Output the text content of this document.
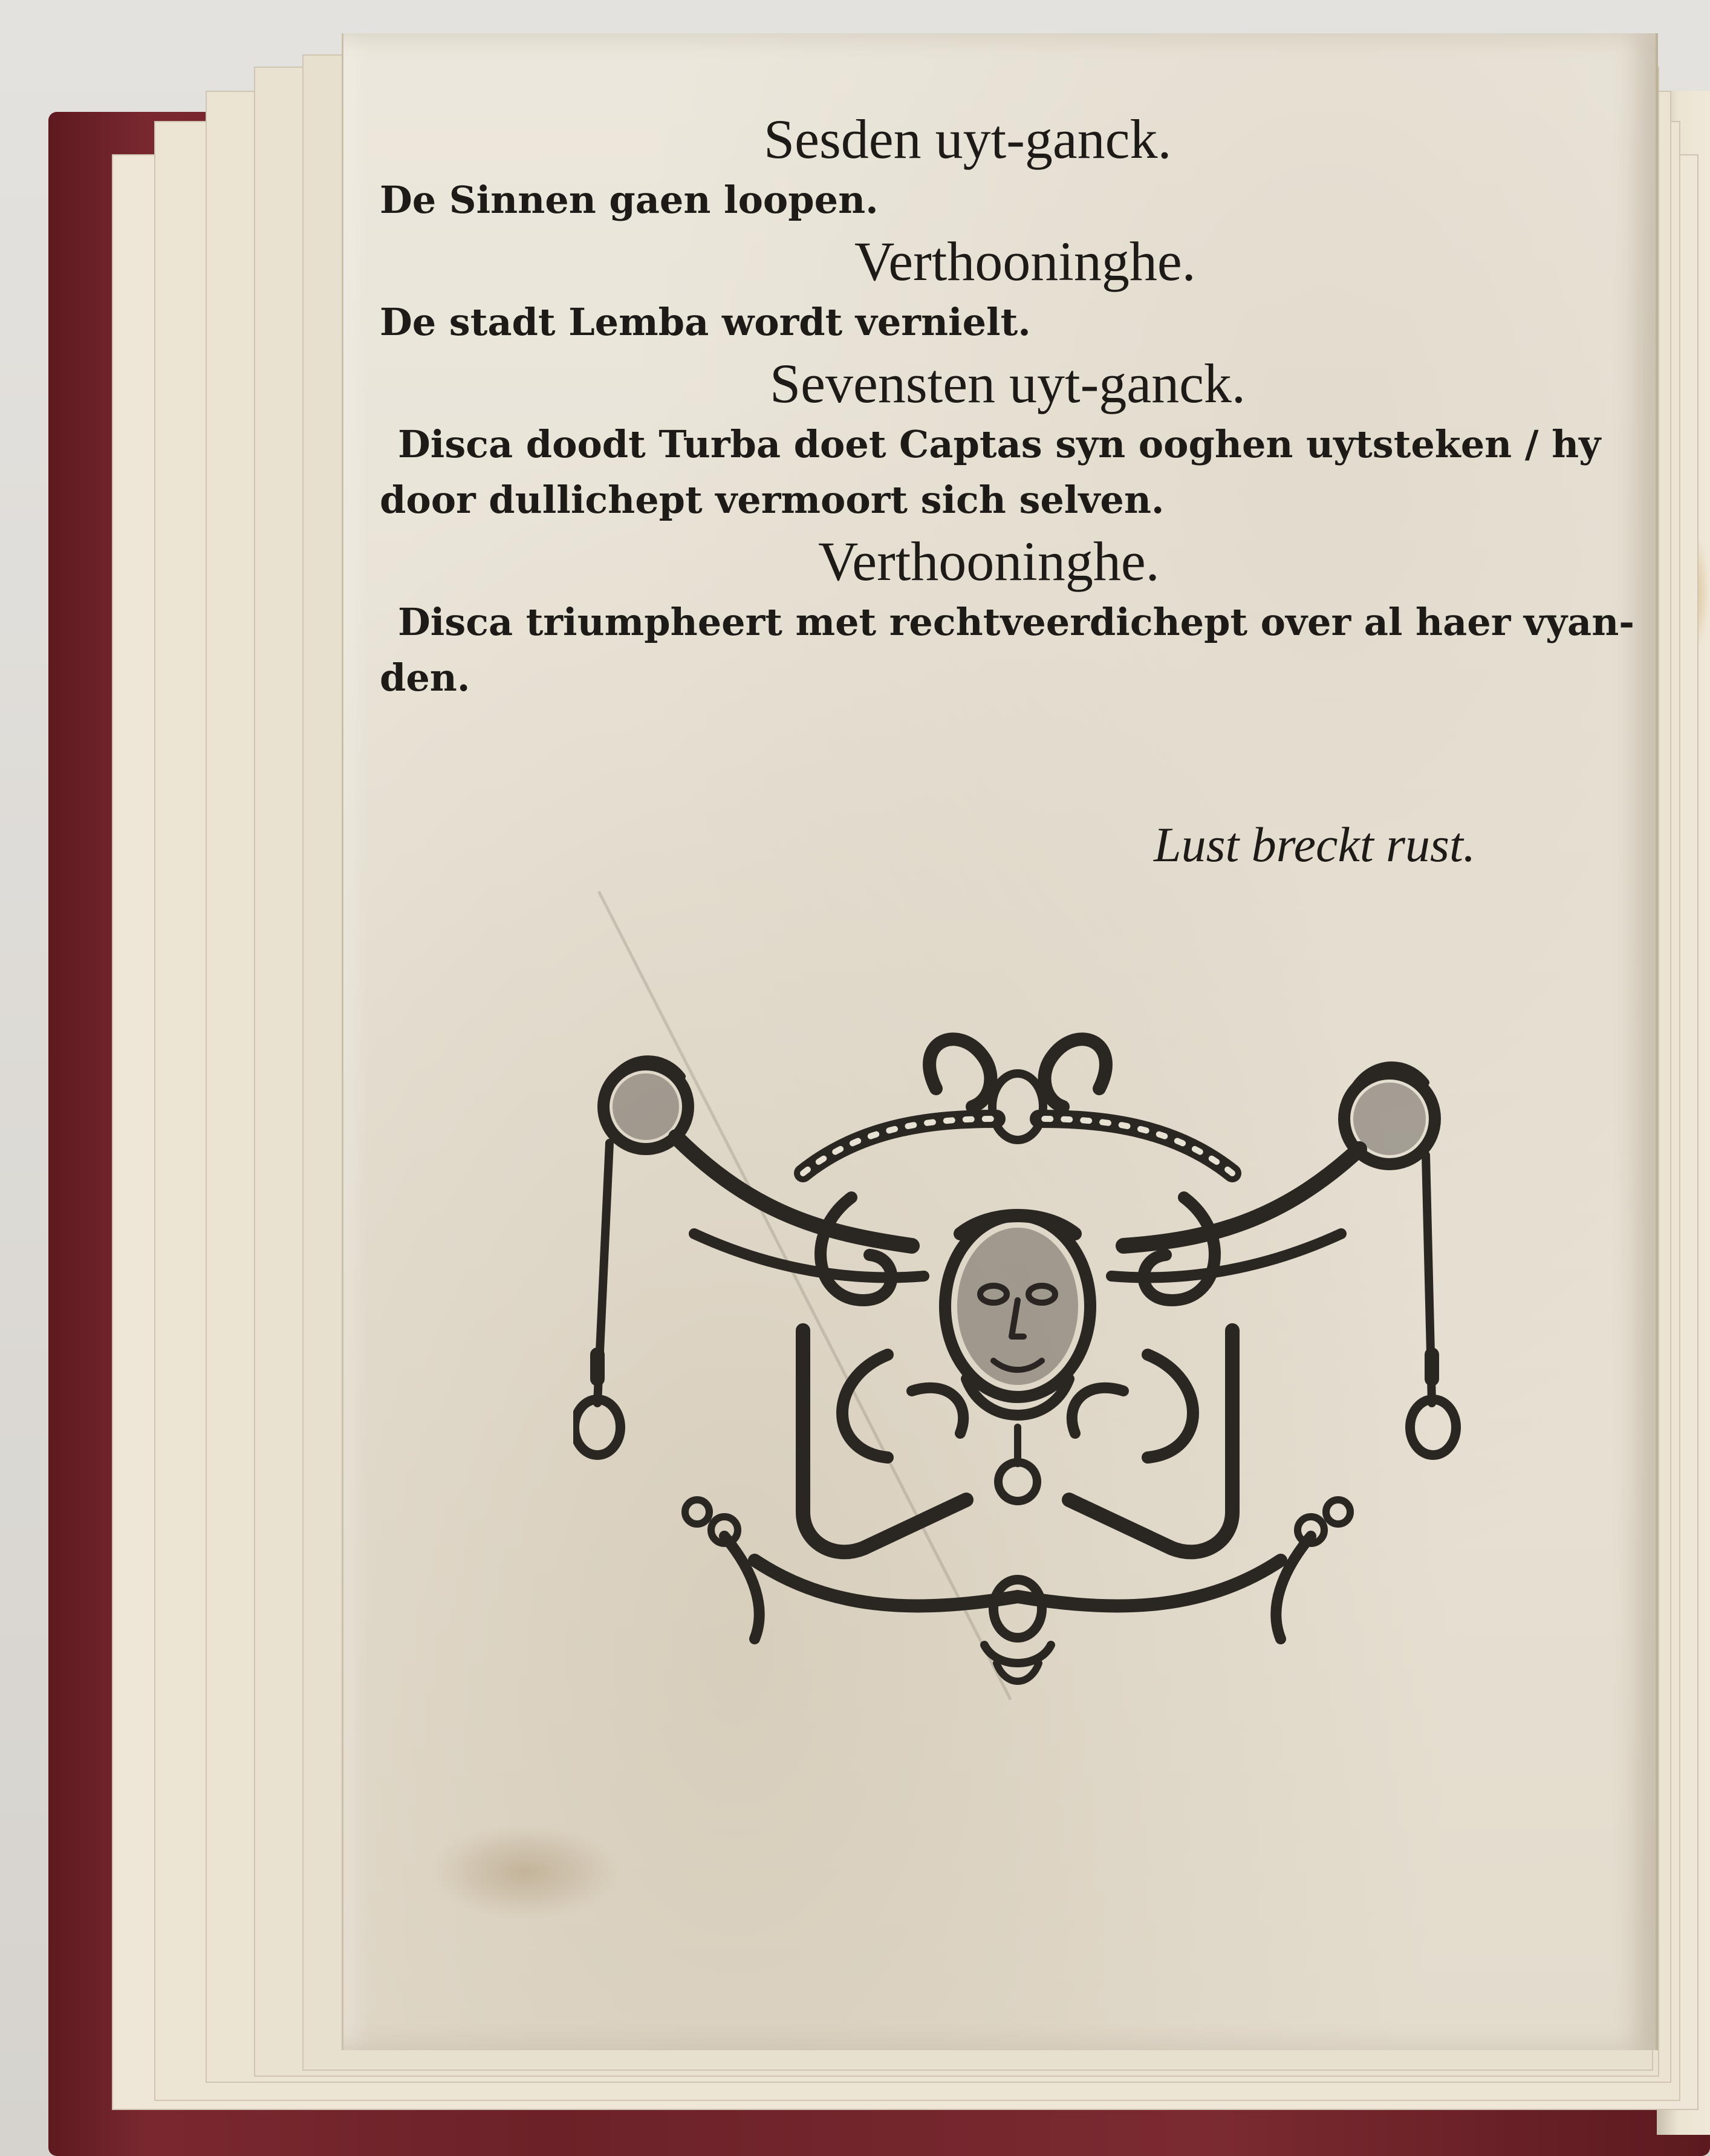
Sesden uyt-ganck.

De Sinnen gaen loopen.

Verthooninghe.

De stadt Lemba wordt vernielt.

Sevensten uyt-ganck.

Disca doodt Turba doet Captas syn ooghen uytsteken / hy

door dullichept vermoort sich selven.

Verthooninghe.

Disca triumpheert met rechtveerdichept over al haer vyan-

den.

Lust breckt rust.
